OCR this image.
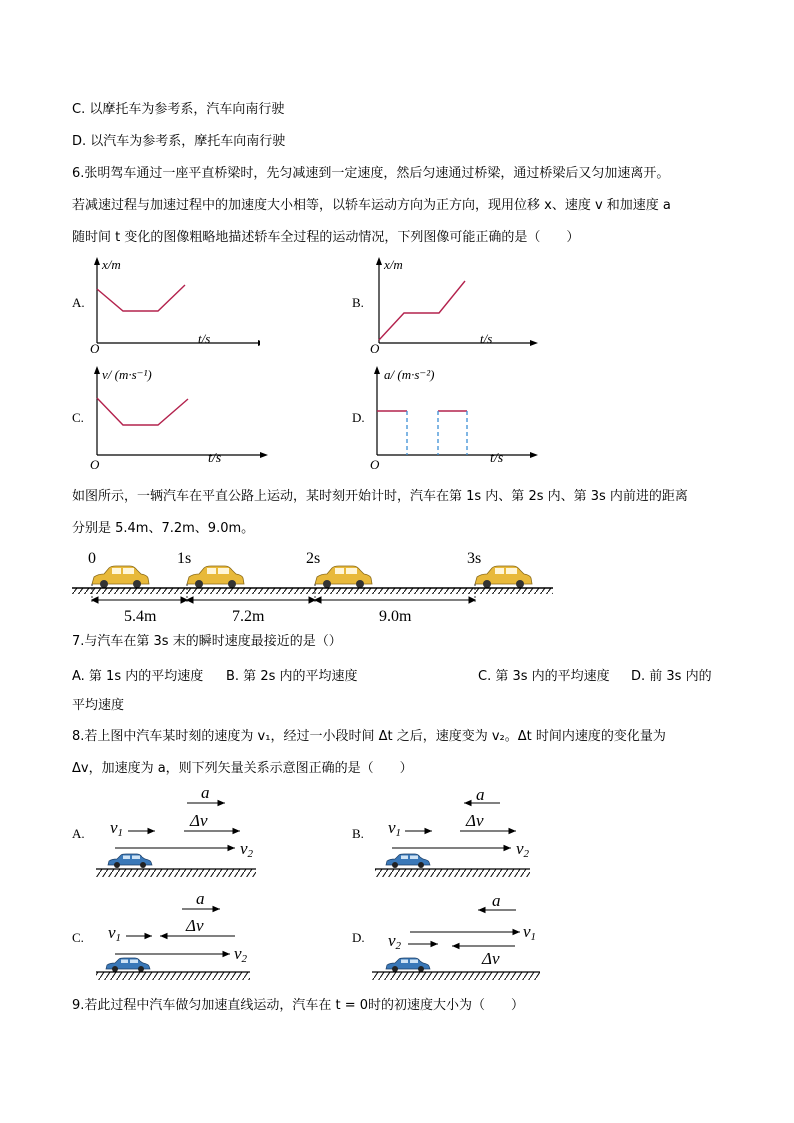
C. 以摩托车为参考系，汽车向南行驶
D. 以汽车为参考系，摩托车向南行驶
6.张明驾车通过一座平直桥梁时，先匀减速到一定速度，然后匀速通过桥梁，通过桥梁后又匀加速离开。
若减速过程与加速过程中的加速度大小相等，以轿车运动方向为正方向，现用位移 x、速度 v 和加速度 a
随时间 t 变化的图像粗略地描述轿车全过程的运动情况，下列图像可能正确的是（　　）
A.
x/m
t/s
O
B.
x/m
t/s
O
C.
v/ (m·s⁻¹)
t/s
O
D.
a/ (m·s⁻²)
t/s
O
如图所示，一辆汽车在平直公路上运动，某时刻开始计时，汽车在第 1s 内、第 2s 内、第 3s 内前进的距离
分别是 5.4m、7.2m、9.0m。
0	1s	2s	3s
5.4m	7.2m	9.0m
7.与汽车在第 3s 末的瞬时速度最接近的是（）
A. 第 1s 内的平均速度 B. 第 2s 内的平均速度	C. 第 3s 内的平均速度 D. 前 3s 内的
平均速度
8.若上图中汽车某时刻的速度为 v₁，经过一小段时间 Δt 之后，速度变为 v₂。Δt 时间内速度的变化量为
Δv，加速度为 a，则下列矢量关系示意图正确的是（　　）
A.
a
Δv
v1
v2
B.
a
Δv
v1
v2
C.
a
Δv
v1
v2
D.
a
v1
v2
Δv
9.若此过程中汽车做匀加速直线运动，汽车在 t = 0时的初速度大小为（　　）
